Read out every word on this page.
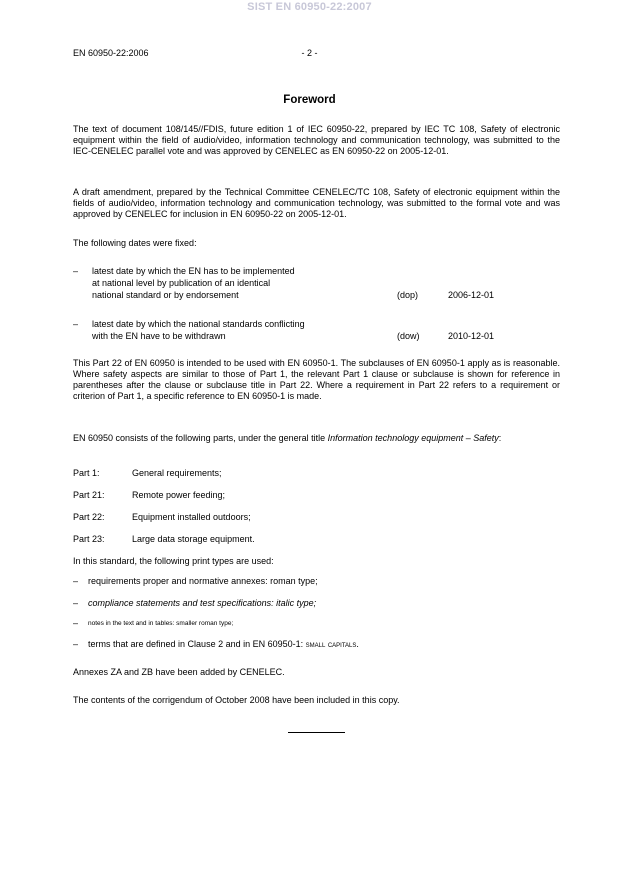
SIST EN 60950-22:2007
EN 60950-22:2006	- 2 -
Foreword
The text of document 108/145//FDIS, future edition 1 of IEC 60950-22, prepared by IEC TC 108, Safety of electronic equipment within the field of audio/video, information technology and communication technology, was submitted to the IEC-CENELEC parallel vote and was approved by CENELEC as EN 60950-22 on 2005-12-01.
A draft amendment, prepared by the Technical Committee CENELEC/TC 108, Safety of electronic equipment within the fields of audio/video, information technology and communication technology, was submitted to the formal vote and was approved by CENELEC for inclusion in EN 60950-22 on 2005-12-01.
The following dates were fixed:
– latest date by which the EN has to be implemented
at national level by publication of an identical
national standard or by endorsement	(dop)	2006-12-01
– latest date by which the national standards conflicting
with the EN have to be withdrawn	(dow)	2010-12-01
This Part 22 of EN 60950 is intended to be used with EN 60950-1. The subclauses of EN 60950-1 apply as is reasonable. Where safety aspects are similar to those of Part 1, the relevant Part 1 clause or subclause is shown for reference in parentheses after the clause or subclause title in Part 22. Where a requirement in Part 22 refers to a requirement or criterion of Part 1, a specific reference to EN 60950-1 is made.
EN 60950 consists of the following parts, under the general title Information technology equipment – Safety:
Part 1:	General requirements;
Part 21:	Remote power feeding;
Part 22:	Equipment installed outdoors;
Part 23:	Large data storage equipment.
In this standard, the following print types are used:
– requirements proper and normative annexes: roman type;
– compliance statements and test specifications: italic type;
– notes in the text and in tables: smaller roman type;
– terms that are defined in Clause 2 and in EN 60950-1: small capitals.
Annexes ZA and ZB have been added by CENELEC.
The contents of the corrigendum of October 2008 have been included in this copy.
